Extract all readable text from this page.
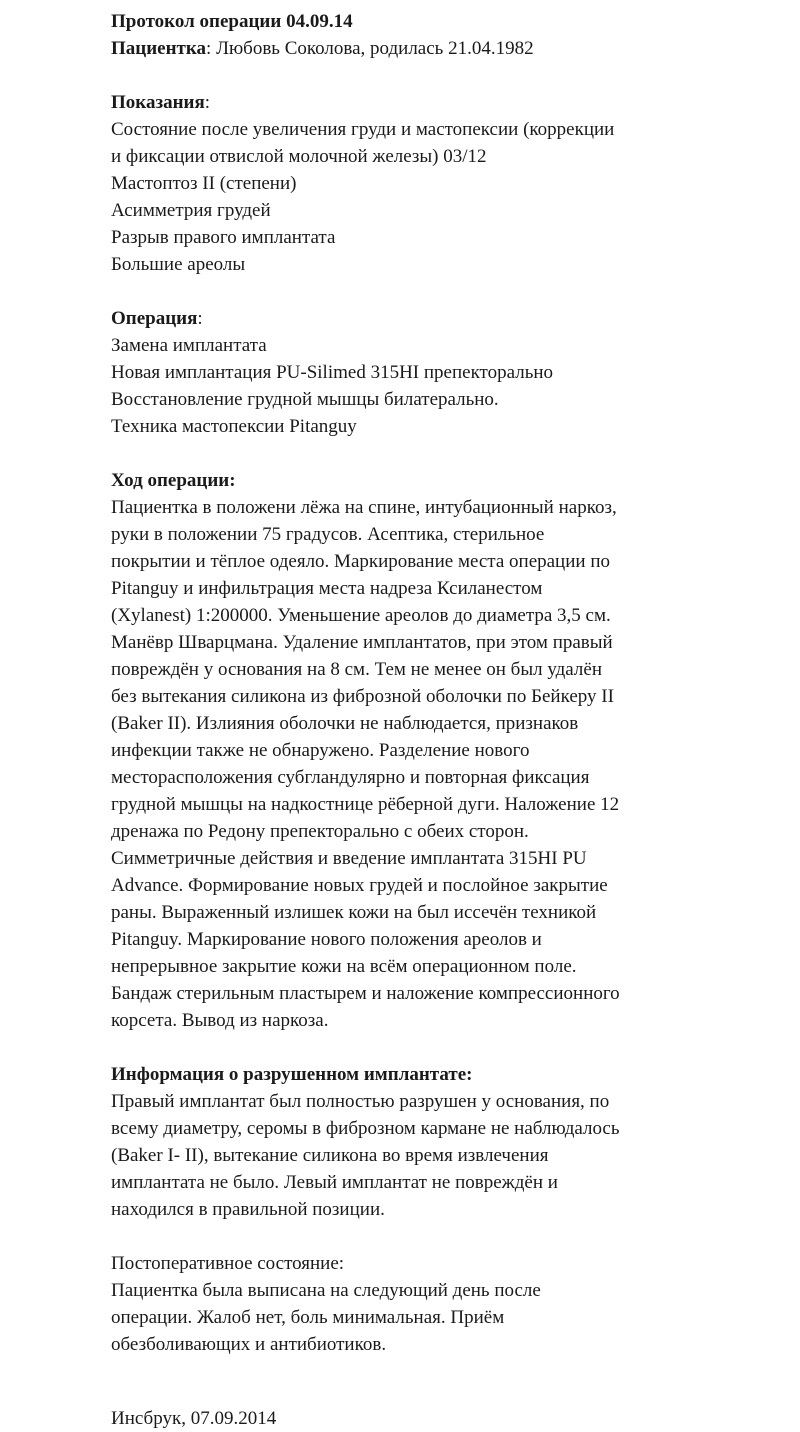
Протокол операции 04.09.14
Пациентка: Любовь Соколова, родилась 21.04.1982
Показания:
Состояние после увеличения груди и мастопексии (коррекции
и фиксации отвислой молочной железы) 03/12
Мастоптоз II (степени)
Асимметрия грудей
Разрыв правого имплантата
Большие ареолы
Операция:
Замена имплантата
Новая имплантация PU-Silimed 315HI препекторально
Восстановление грудной мышцы билатерально.
Техника мастопексии Pitanguy
Ход операции:
Пациентка в положени лёжа на спине, интубационный наркоз,
руки в положении 75 градусов. Асептика, стерильное
покрытии и тёплое одеяло. Маркирование места операции по
Pitanguy и инфильтрация места надреза Ксиланестом
(Xylanest) 1:200000. Уменьшение ареолов до диаметра 3,5 см.
Манёвр Шварцмана. Удаление имплантатов, при этом правый
повреждён у основания на 8 см. Тем не менее он был удалён
без вытекания силикона из фиброзной оболочки по Бейкеру II
(Baker II). Излияния оболочки не наблюдается, признаков
инфекции также не обнаружено. Разделение нового
месторасположения субгландулярно и повторная фиксация
грудной мышцы на надкостнице рёберной дуги. Наложение 12
дренажа по Редону препекторально с обеих сторон.
Симметричные действия и введение имплантата 315HI PU
Advance. Формирование новых грудей и послойное закрытие
раны. Выраженный излишек кожи на был иссечён техникой
Pitanguy. Маркирование нового положения ареолов и
непрерывное закрытие кожи на всём операционном поле.
Бандаж стерильным пластырем и наложение компрессионного
корсета. Вывод из наркоза.
Информация о разрушенном имплантате:
Правый имплантат был полностью разрушен у основания, по
всему диаметру, серомы в фиброзном кармане не наблюдалось
(Baker I- II), вытекание силикона во время извлечения
имплантата не было. Левый имплантат не повреждён и
находился в правильной позиции.
Постоперативное состояние:
Пациентка была выписана на следующий день после
операции. Жалоб нет, боль минимальная. Приём
обезболивающих и антибиотиков.
Инсбрук, 07.09.2014
